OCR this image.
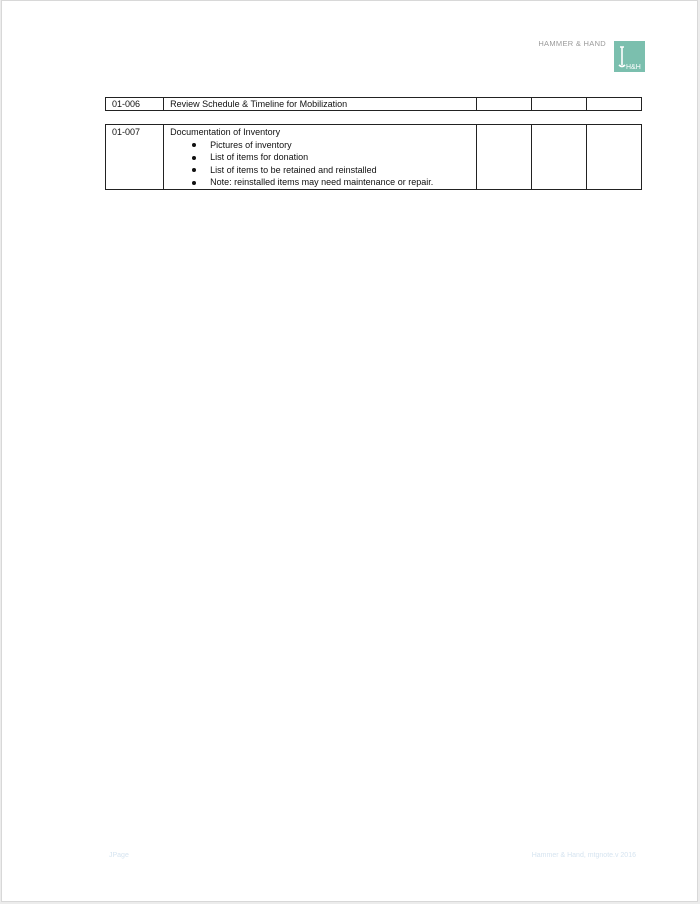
HAMMER & HAND
H&H
01-006	Review Schedule & Timeline for Mobilization			
01-007	Documentation of Inventory
Pictures of inventory
List of items for donation
List of items to be retained and reinstalled
Note: reinstalled items may need maintenance or repair.

JPage	Hammer & Hand, mtgnote.v 2016
